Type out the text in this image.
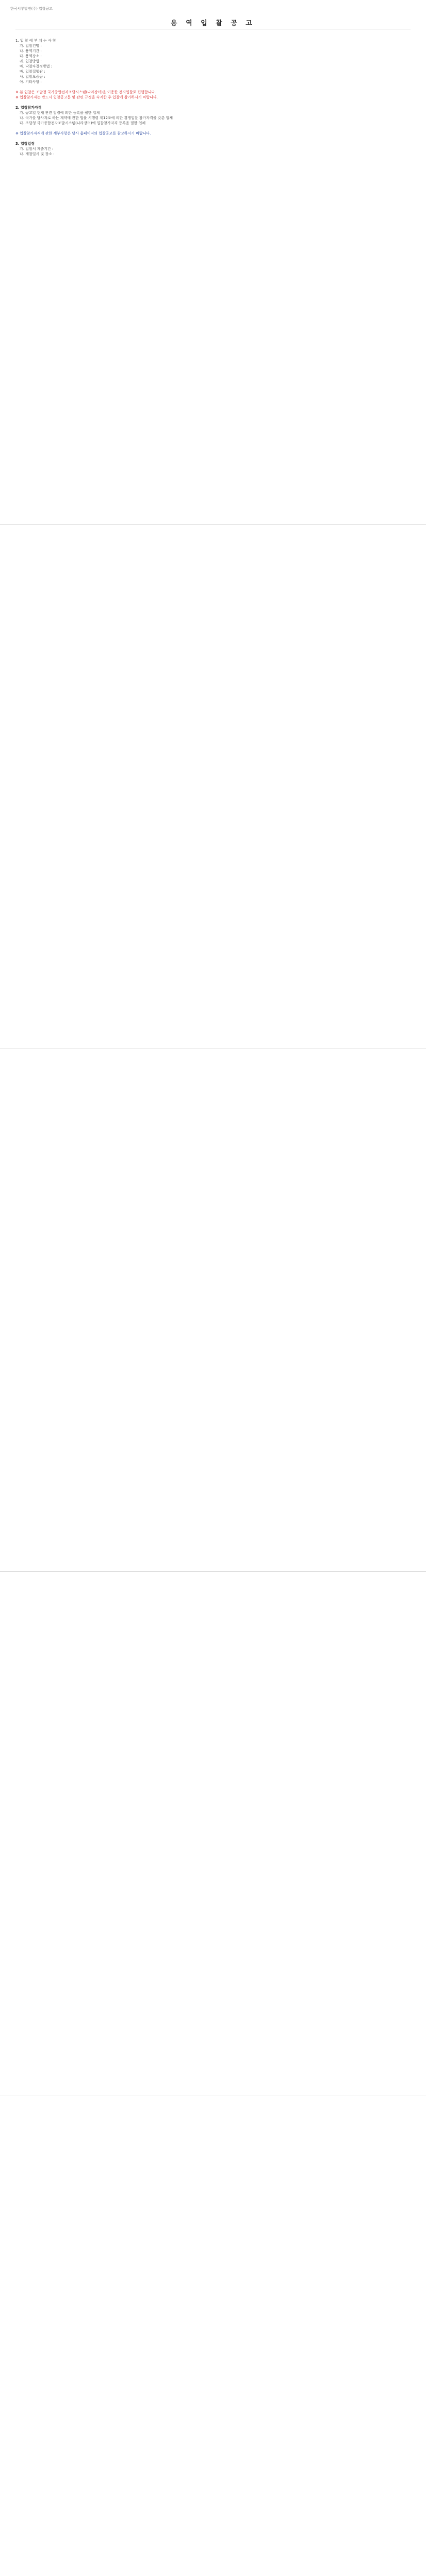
한국서부발전(주) 입찰공고
용 역 입 찰 공 고
1. 입 찰 에 부 치 는 사 항
가. 입찰건명 :
나. 용역기간 :
다. 용역장소 :
라. 입찰방법 :
마. 낙찰자결정방법 :
바. 입찰집행관 :
사. 입찰보증금 :
아. 기타사항 :
※ 본 입찰은 조달청 국가종합전자조달시스템(나라장터)을 이용한 전자입찰로 집행합니다.
※ 입찰참가자는 반드시 입찰공고문 및 관련 규정을 숙지한 후 입찰에 참가하시기 바랍니다.
2. 입찰참가자격
가. 공고일 현재 관련 법령에 의한 등록을 필한 업체
나. 국가를 당사자로 하는 계약에 관한 법률 시행령 제12조에 의한 경쟁입찰 참가자격을 갖춘 업체
다. 조달청 국가종합전자조달시스템(나라장터)에 입찰참가자격 등록을 필한 업체
※ 입찰참가자격에 관한 세부사항은 당사 홈페이지의 입찰공고를 참고하시기 바랍니다.
3. 입찰일정
가. 입찰서 제출기간 :
나. 개찰일시 및 장소 :
